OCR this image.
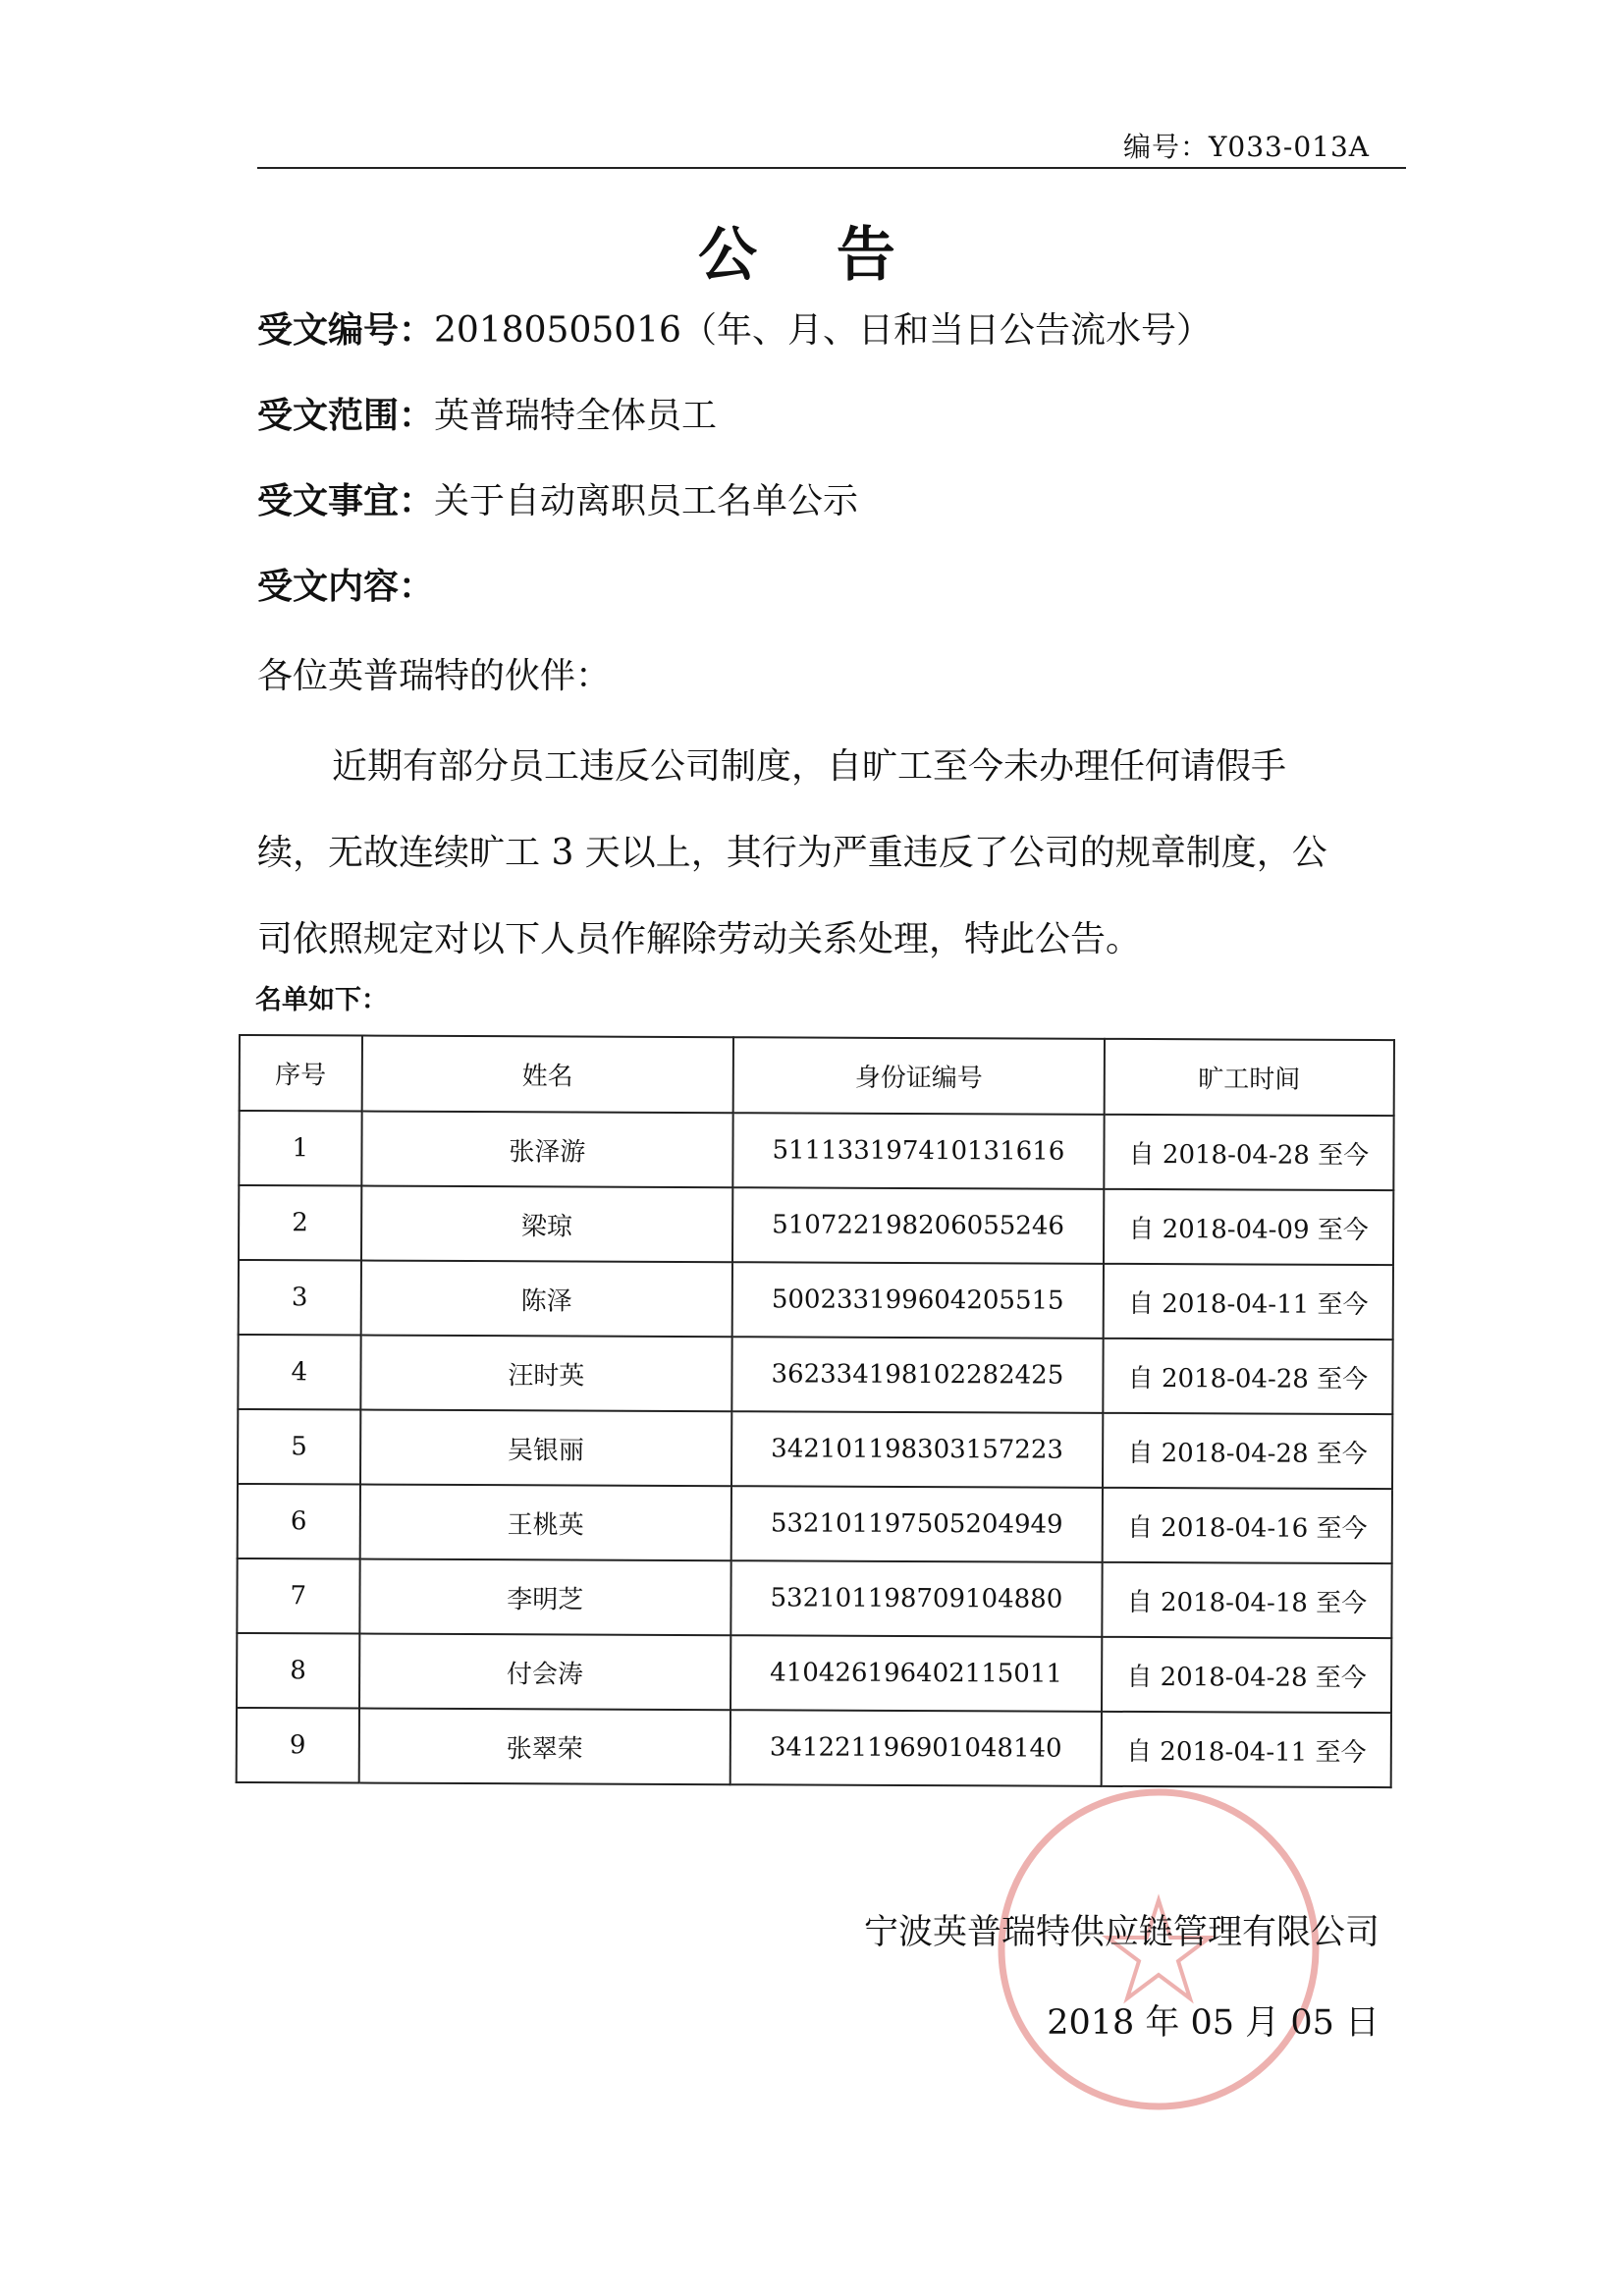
编号：Y033-013A
公 告
受文编号：20180505016（年、月、日和当日公告流水号）
受文范围：英普瑞特全体员工
受文事宜：关于自动离职员工名单公示
受文内容：
各位英普瑞特的伙伴：
近期有部分员工违反公司制度，自旷工至今未办理任何请假手
续，无故连续旷工 3 天以上，其行为严重违反了公司的规章制度，公
司依照规定对以下人员作解除劳动关系处理，特此公告。
名单如下：
序号	姓名	身份证编号	旷工时间
1	张泽游	511133197410131616	自 2018-04-28 至今
2	梁琼	510722198206055246	自 2018-04-09 至今
3	陈泽	500233199604205515	自 2018-04-11 至今
4	汪时英	362334198102282425	自 2018-04-28 至今
5	吴银丽	342101198303157223	自 2018-04-28 至今
6	王桃英	532101197505204949	自 2018-04-16 至今
7	李明芝	532101198709104880	自 2018-04-18 至今
8	付会涛	410426196402115011	自 2018-04-28 至今
9	张翠荣	341221196901048140	自 2018-04-11 至今
宁波英普瑞特供应链管理有限公司
2018 年 05 月 05 日
